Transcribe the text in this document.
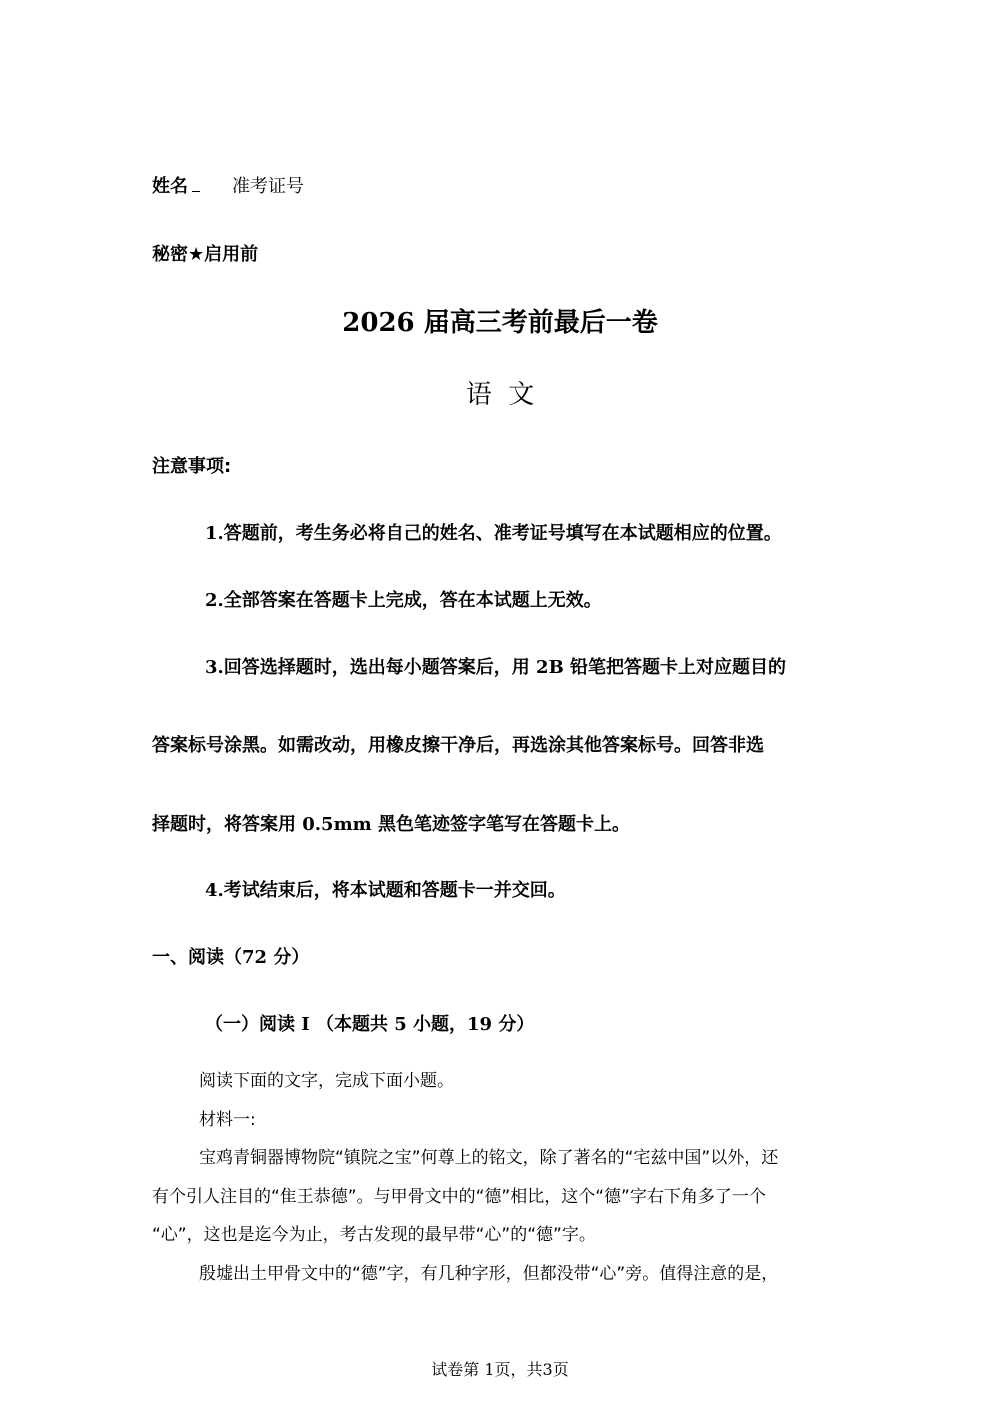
姓名	准考证号
秘密★启用前
2026 届高三考前最后一卷
语  文
注意事项:
1.答题前，考生务必将自己的姓名、准考证号填写在本试题相应的位置。
2.全部答案在答题卡上完成，答在本试题上无效。
3.回答选择题时，选出每小题答案后，用 2B 铅笔把答题卡上对应题目的
答案标号涂黑。如需改动，用橡皮擦干净后，再选涂其他答案标号。回答非选
择题时，将答案用 0.5mm 黑色笔迹签字笔写在答题卡上。
4.考试结束后，将本试题和答题卡一并交回。
一、阅读（72 分）
（一）阅读 I （本题共 5 小题，19 分）
阅读下面的文字，完成下面小题。
材料一:
宝鸡青铜器博物院“镇院之宝”何尊上的铭文，除了著名的“宅兹中国”以外，还
有个引人注目的“隹王恭德”。与甲骨文中的“德”相比，这个“德”字右下角多了一个
“心”，这也是迄今为止，考古发现的最早带“心”的“德”字。
殷墟出土甲骨文中的“德”字，有几种字形，但都没带“心”旁。值得注意的是，
试卷第 1页，共3页
